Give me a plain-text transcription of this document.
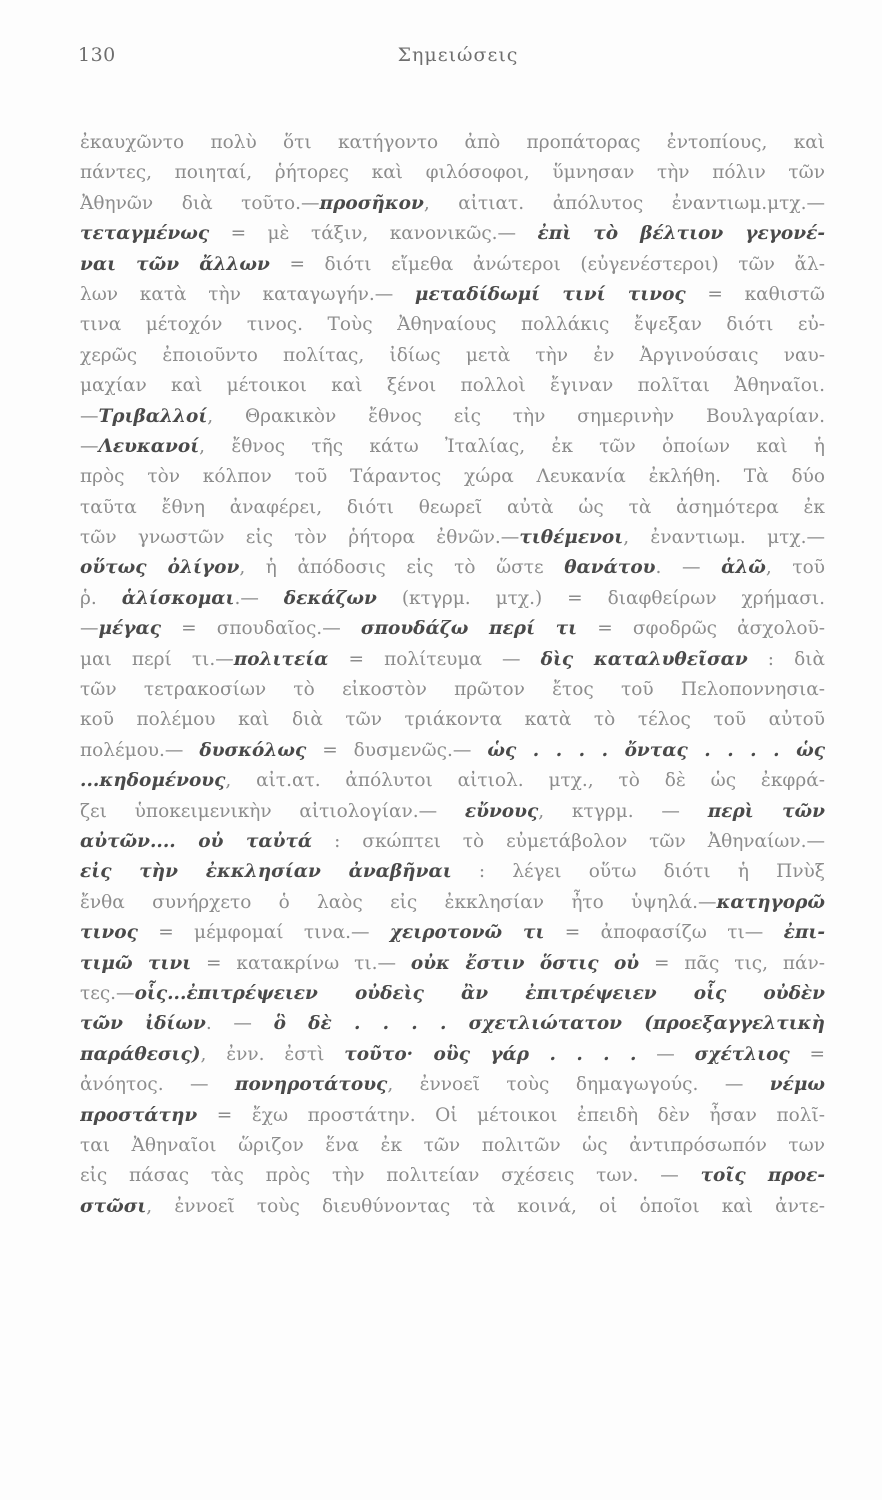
130	Σημειώσεις
ἐκαυχῶντο πολὺ ὅτι κατήγοντο ἀπὸ προπάτορας ἐντοπίους, καὶ
πάντες, ποιηταί, ῥήτορες καὶ φιλόσοφοι, ὕμνησαν τὴν πόλιν τῶν
Ἀθηνῶν διὰ τοῦτο.—προσῆκον, αἰτιατ. ἀπόλυτος ἐναντιωμ.μτχ.—
τεταγμένως = μὲ τάξιν, κανονικῶς.— ἐπὶ τὸ βέλτιον γεγονέ-
ναι τῶν ἄλλων = διότι εἴμεθα ἀνώτεροι (εὐγενέστεροι) τῶν ἄλ-
λων κατὰ τὴν καταγωγήν.— μεταδίδωμί τινί τινος = καθιστῶ
τινα μέτοχόν τινος. Τοὺς Ἀθηναίους πολλάκις ἔψεξαν διότι εὐ-
χερῶς ἐποιοῦντο πολίτας, ἰδίως μετὰ τὴν ἐν Ἀργινούσαις ναυ-
μαχίαν καὶ μέτοικοι καὶ ξένοι πολλοὶ ἔγιναν πολῖται Ἀθηναῖοι.
—Τριβαλλοί, Θρακικὸν ἔθνος εἰς τὴν σημερινὴν Βουλγαρίαν.
—Λευκανοί, ἔθνος τῆς κάτω Ἰταλίας, ἐκ τῶν ὁποίων καὶ ἡ
πρὸς τὸν κόλπον τοῦ Τάραντος χώρα Λευκανία ἐκλήθη. Τὰ δύο
ταῦτα ἔθνη ἀναφέρει, διότι θεωρεῖ αὐτὰ ὡς τὰ ἀσημότερα ἐκ
τῶν γνωστῶν εἰς τὸν ῥήτορα ἐθνῶν.—τιθέμενοι, ἐναντιωμ. μτχ.—
οὕτως ὀλίγον, ἡ ἀπόδοσις εἰς τὸ ὥστε θανάτου. — ἁλῶ, τοῦ
ῥ. ἁλίσκομαι.— δεκάζων (κτγρμ. μτχ.) = διαφθείρων χρήμασι.
—μέγας = σπουδαῖος.— σπουδάζω περί τι = σφοδρῶς ἀσχολοῦ-
μαι περί τι.—πολιτεία = πολίτευμα — δὶς καταλυθεῖσαν : διὰ
τῶν τετρακοσίων τὸ εἰκοστὸν πρῶτον ἔτος τοῦ Πελοποννησια-
κοῦ πολέμου καὶ διὰ τῶν τριάκοντα κατὰ τὸ τέλος τοῦ αὐτοῦ
πολέμου.— δυσκόλως = δυσμενῶς.— ὡς . . . . ὄντας . . . . ὡς
...κηδομένους, αἰτ.ατ. ἀπόλυτοι αἰτιολ. μτχ., τὸ δὲ ὡς ἐκφρά-
ζει ὑποκειμενικὴν αἰτιολογίαν.— εὔνους, κτγρμ. — περὶ τῶν
αὐτῶν.... οὐ ταὐτά : σκώπτει τὸ εὐμετάβολον τῶν Ἀθηναίων.—
εἰς τὴν ἐκκλησίαν ἀναβῆναι : λέγει οὕτω διότι ἡ Πνὺξ
ἔνθα συνήρχετο ὁ λαὸς εἰς ἐκκλησίαν ἦτο ὑψηλά.—κατηγορῶ
τινος = μέμφομαί τινα.— χειροτονῶ τι = ἀποφασίζω τι— ἐπι-
τιμῶ τινι = κατακρίνω τι.— οὐκ ἔστιν ὅστις οὐ = πᾶς τις, πάν-
τες.—οἷς...ἐπιτρέψειεν οὐδεὶς ἂν ἐπιτρέψειεν οἷς οὐδὲν
τῶν ἰδίων. — ὃ δὲ . . . . σχετλιώτατον (προεξαγγελτικὴ
παράθεσις), ἐνν. ἐστὶ τοῦτο· οὓς γάρ . . . . — σχέτλιος =
ἀνόητος. — πονηροτάτους, ἐννοεῖ τοὺς δημαγωγούς. — νέμω
προστάτην = ἔχω προστάτην. Οἱ μέτοικοι ἐπειδὴ δὲν ἦσαν πολῖ-
ται Ἀθηναῖοι ὥριζον ἕνα ἐκ τῶν πολιτῶν ὡς ἀντιπρόσωπόν των
εἰς πάσας τὰς πρὸς τὴν πολιτείαν σχέσεις των. — τοῖς προε-
στῶσι, ἐννοεῖ τοὺς διευθύνοντας τὰ κοινά, οἱ ὁποῖοι καὶ ἀντε-
